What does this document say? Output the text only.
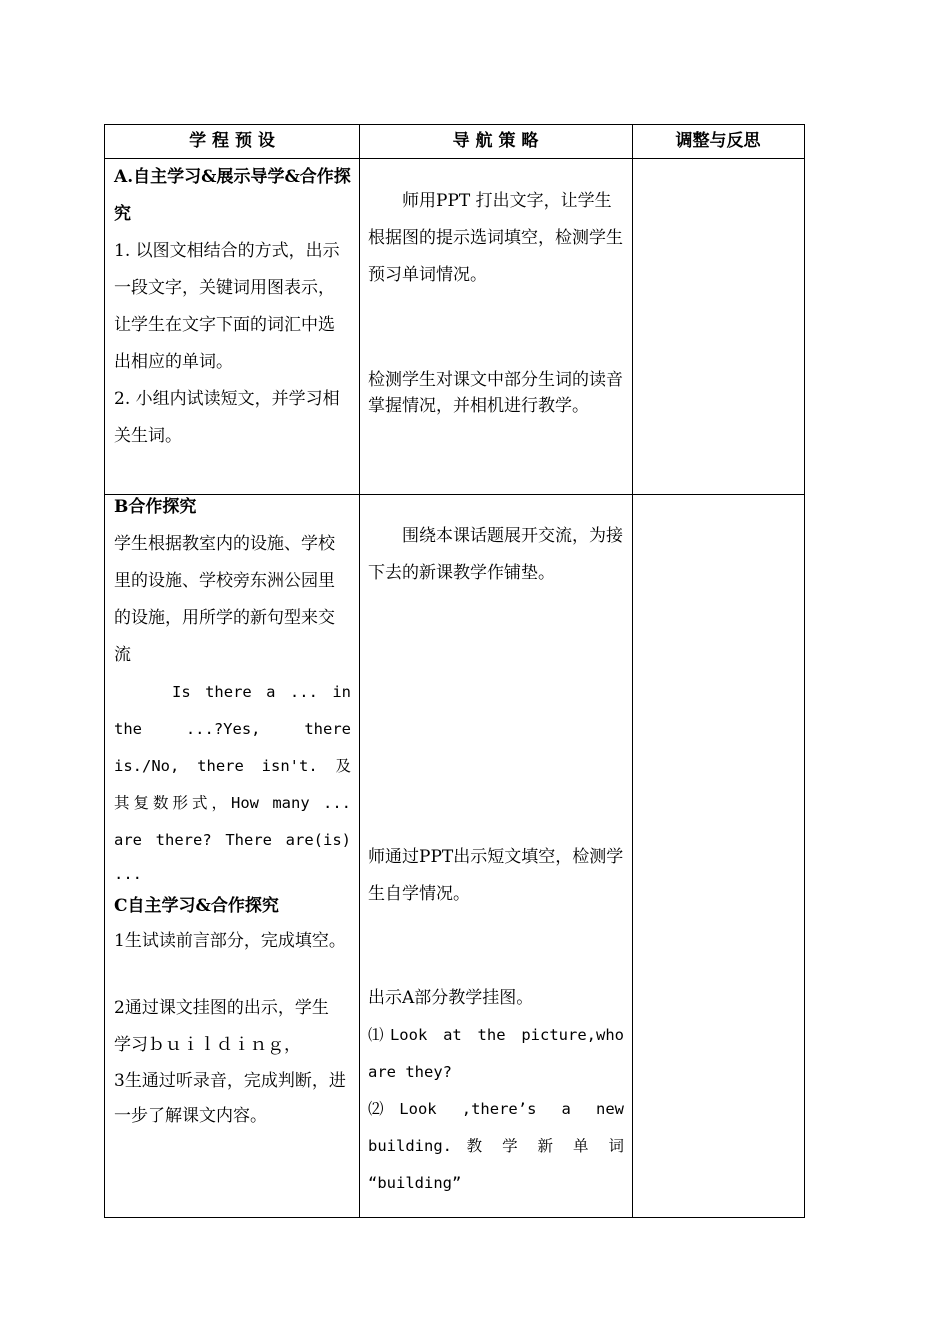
学 程 预 设	导 航 策 略	调整与反思

A.自主学习&展示导学&合作探究

1. 以图文相结合的方式，出示一段文字，关键词用图表示，让学生在文字下面的词汇中选出相应的单词。

2. 小组内试读短文，并学习相关生词。

师用PPT 打出文字，让学生根据图的提示选词填空，检测学生预习单词情况。

检测学生对课文中部分生词的读音掌握情况，并相机进行教学。

B合作探究

学生根据教室内的设施、学校里的设施、学校旁东洲公园里的设施，用所学的新句型来交流

Is there a ... in

the ...?Yes, there

is./No, there isn't. 及

其复数形式，How many ...

are there? There are(is)

...

C自主学习&合作探究

1生试读前言部分，完成填空。

2通过课文挂图的出示，学生

学习ｂｕｉｌｄｉｎｇ，

3生通过听录音，完成判断，进一步了解课文内容。

围绕本课话题展开交流，为接下去的新课教学作铺垫。

师通过PPT出示短文填空，检测学生自学情况。

出示A部分教学挂图。

⑴Look at the picture,who

are they?

⑵Look ,there’s a new

building. 教 学 新 单 词

“building”
